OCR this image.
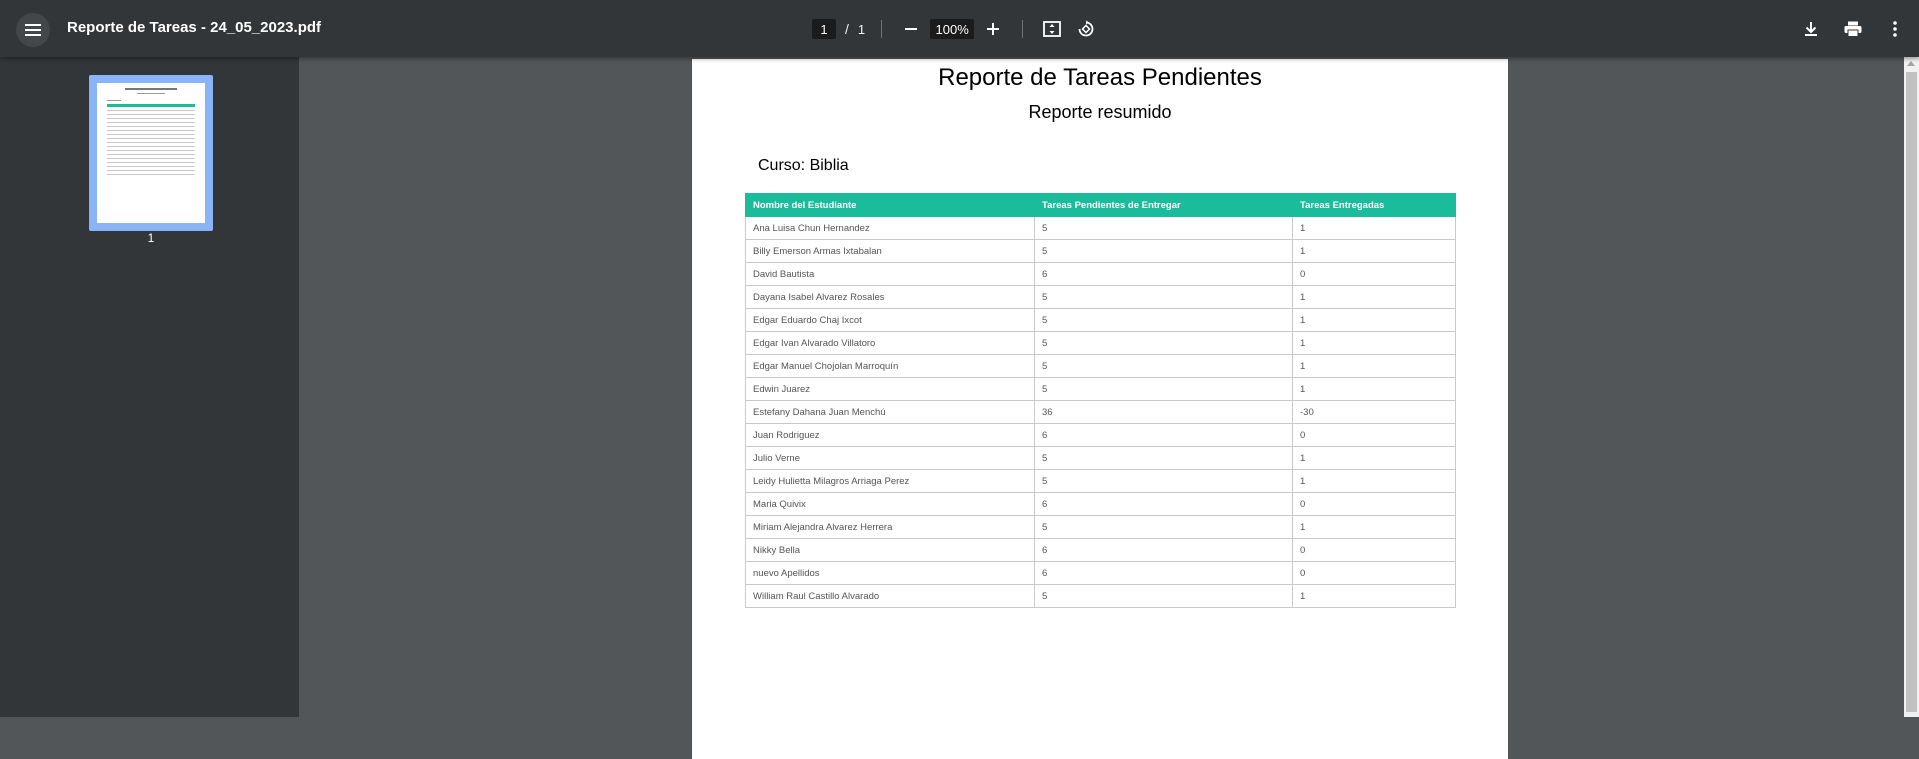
Reporte de Tareas - 24_05_2023.pdf	1	/ 1	100%
1
Reporte de Tareas Pendientes
Reporte resumido
Curso: Biblia
Nombre del Estudiante	Tareas Pendientes de Entregar	Tareas Entregadas
Ana Luisa Chun Hernandez	5	1
Billy Emerson Armas Ixtabalan	5	1
David Bautista	6	0
Dayana Isabel Alvarez Rosales	5	1
Edgar Eduardo Chaj Ixcot	5	1
Edgar Ivan Alvarado Villatoro	5	1
Edgar Manuel Chojolan Marroquín	5	1
Edwin Juarez	5	1
Estefany Dahana Juan Menchú	36	-30
Juan Rodriguez	6	0
Julio Verne	5	1
Leidy Hulietta Milagros Arriaga Perez	5	1
Maria Quivix	6	0
Miriam Alejandra Alvarez Herrera	5	1
Nikky Bella	6	0
nuevo Apellidos	6	0
William Raul Castillo Alvarado	5	1
